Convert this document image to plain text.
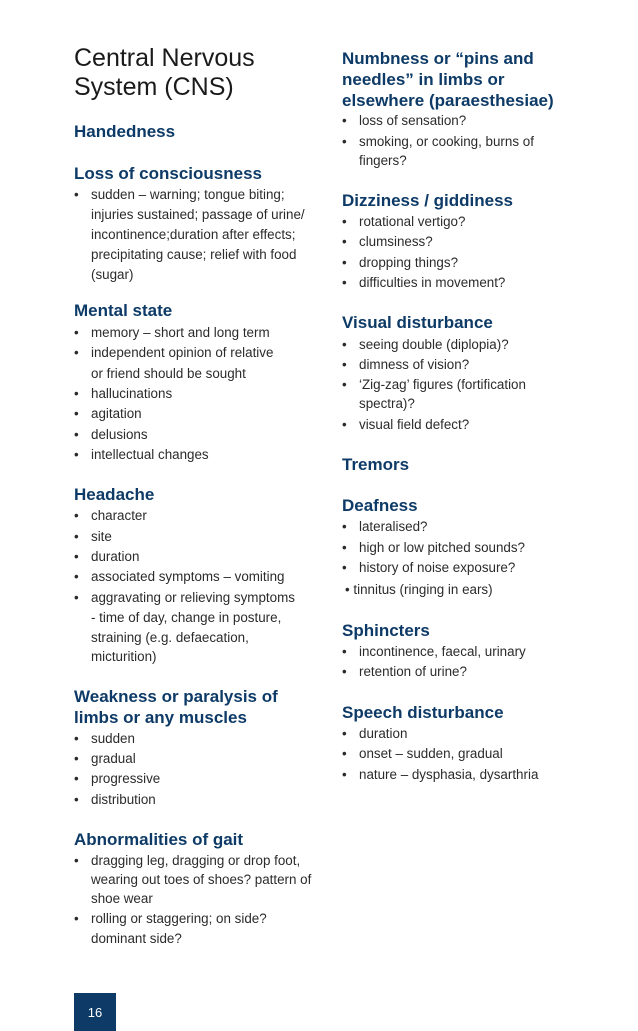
Central Nervous
System (CNS)
Handedness
Loss of consciousness
• sudden – warning; tongue biting;
injuries sustained; passage of urine/
incontinence;duration after effects;
precipitating cause; relief with food
(sugar)
Mental state
• memory – short and long term
• independent opinion of relative
or friend should be sought
• hallucinations
• agitation
• delusions
• intellectual changes
Headache
• character
• site
• duration
• associated symptoms – vomiting
• aggravating or relieving symptoms
- time of day, change in posture,
straining (e.g. defaecation,
micturition)
Weakness or paralysis of
limbs or any muscles
• sudden
• gradual
• progressive
• distribution
Abnormalities of gait
• dragging leg, dragging or drop foot,
wearing out toes of shoes? pattern of
shoe wear
• rolling or staggering; on side?
dominant side?
Numbness or “pins and
needles” in limbs or
elsewhere (paraesthesiae)
• loss of sensation?
• smoking, or cooking, burns of
fingers?
Dizziness / giddiness
• rotational vertigo?
• clumsiness?
• dropping things?
• difficulties in movement?
Visual disturbance
• seeing double (diplopia)?
• dimness of vision?
• ‘Zig-zag’ figures (fortification
spectra)?
• visual field defect?
Tremors
Deafness
• lateralised?
• high or low pitched sounds?
• history of noise exposure?
• tinnitus (ringing in ears)
Sphincters
• incontinence, faecal, urinary
• retention of urine?
Speech disturbance
• duration
• onset – sudden, gradual
• nature – dysphasia, dysarthria
16
